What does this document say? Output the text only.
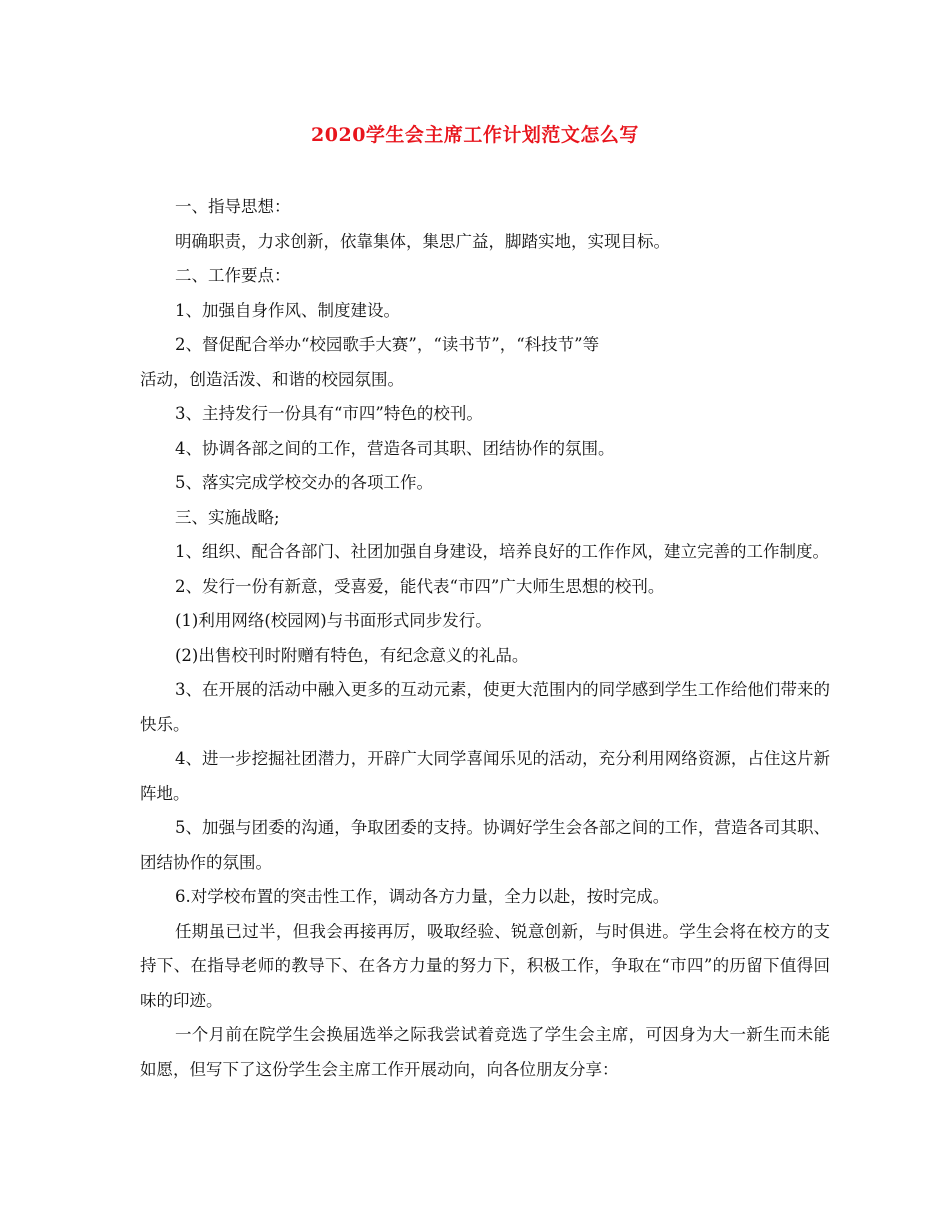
2020学生会主席工作计划范文怎么写

一、指导思想：

明确职责，力求创新，依靠集体，集思广益，脚踏实地，实现目标。

二、工作要点：

1、加强自身作风、制度建设。

2、督促配合举办“校园歌手大赛”，“读书节”，“科技节”等

活动，创造活泼、和谐的校园氛围。

3、主持发行一份具有“市四”特色的校刊。

4、协调各部之间的工作，营造各司其职、团结协作的氛围。

5、落实完成学校交办的各项工作。

三、实施战略;

1、组织、配合各部门、社团加强自身建设，培养良好的工作作风，建立完善的工作制度。

2、发行一份有新意，受喜爱，能代表“市四”广大师生思想的校刊。

(1)利用网络(校园网)与书面形式同步发行。

(2)出售校刊时附赠有特色，有纪念意义的礼品。

3、在开展的活动中融入更多的互动元素，使更大范围内的同学感到学生工作给他们带来的快乐。

4、进一步挖掘社团潜力，开辟广大同学喜闻乐见的活动，充分利用网络资源，占住这片新阵地。

5、加强与团委的沟通，争取团委的支持。协调好学生会各部之间的工作，营造各司其职、团结协作的氛围。

6.对学校布置的突击性工作，调动各方力量，全力以赴，按时完成。

任期虽已过半，但我会再接再厉，吸取经验、锐意创新，与时俱进。学生会将在校方的支持下、在指导老师的教导下、在各方力量的努力下，积极工作，争取在“市四”的历留下值得回味的印迹。

一个月前在院学生会换届选举之际我尝试着竞选了学生会主席，可因身为大一新生而未能如愿，但写下了这份学生会主席工作开展动向，向各位朋友分享：
